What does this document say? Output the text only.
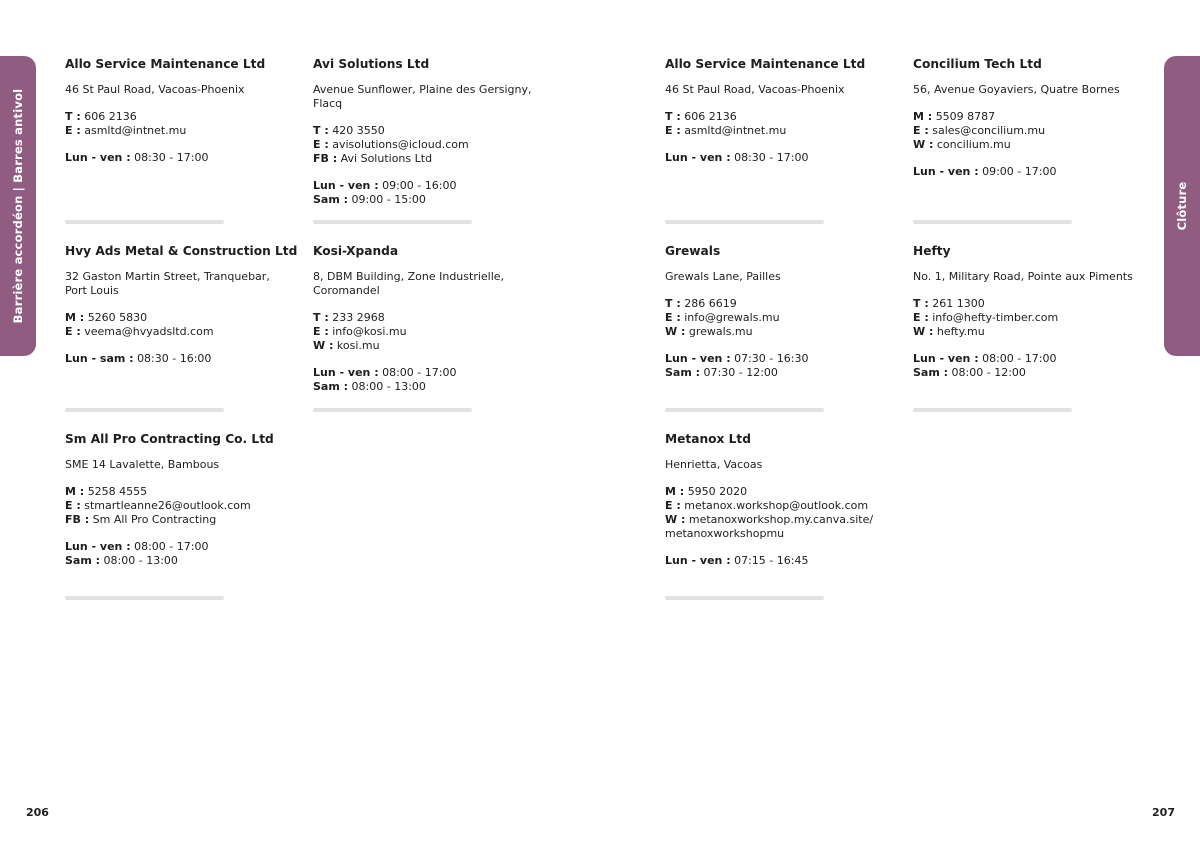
Barrière accordéon | Barres antivol	Clôture
Allo Service Maintenance Ltd
46 St Paul Road, Vacoas-Phoenix
T : 606 2136
E : asmltd@intnet.mu
Lun - ven : 08:30 - 17:00
Avi Solutions Ltd
Avenue Sunflower, Plaine des Gersigny,
Flacq
T : 420 3550
E : avisolutions@icloud.com
FB : Avi Solutions Ltd
Lun - ven : 09:00 - 16:00
Sam : 09:00 - 15:00
Allo Service Maintenance Ltd
46 St Paul Road, Vacoas-Phoenix
T : 606 2136
E : asmltd@intnet.mu
Lun - ven : 08:30 - 17:00
Concilium Tech Ltd
56, Avenue Goyaviers, Quatre Bornes
M : 5509 8787
E : sales@concilium.mu
W : concilium.mu
Lun - ven : 09:00 - 17:00
Hvy Ads Metal & Construction Ltd
32 Gaston Martin Street, Tranquebar,
Port Louis
M : 5260 5830
E : veema@hvyadsltd.com
Lun - sam : 08:30 - 16:00
Kosi-Xpanda
8, DBM Building, Zone Industrielle,
Coromandel
T : 233 2968
E : info@kosi.mu
W : kosi.mu
Lun - ven : 08:00 - 17:00
Sam : 08:00 - 13:00
Grewals
Grewals Lane, Pailles
T : 286 6619
E : info@grewals.mu
W : grewals.mu
Lun - ven : 07:30 - 16:30
Sam : 07:30 - 12:00
Hefty
No. 1, Military Road, Pointe aux Piments
T : 261 1300
E : info@hefty-timber.com
W : hefty.mu
Lun - ven : 08:00 - 17:00
Sam : 08:00 - 12:00
Sm All Pro Contracting Co. Ltd
SME 14 Lavalette, Bambous
M : 5258 4555
E : stmartleanne26@outlook.com
FB : Sm All Pro Contracting
Lun - ven : 08:00 - 17:00
Sam : 08:00 - 13:00
Metanox Ltd
Henrietta, Vacoas
M : 5950 2020
E : metanox.workshop@outlook.com
W : metanoxworkshop.my.canva.site/
metanoxworkshopmu
Lun - ven : 07:15 - 16:45
206	207
